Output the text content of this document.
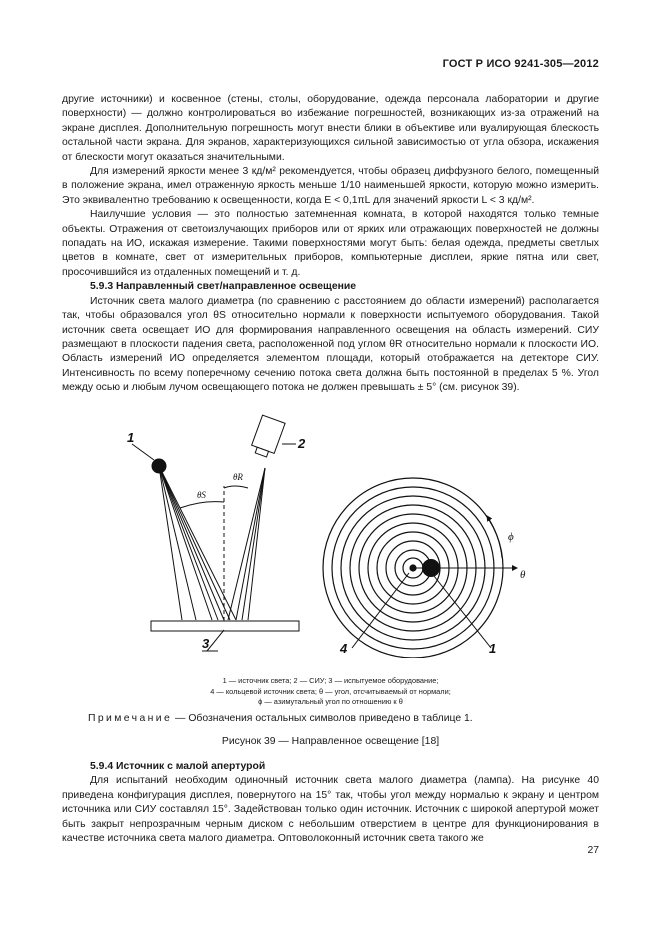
ГОСТ Р ИСО 9241-305—2012

другие источники) и косвенное (стены, столы, оборудование, одежда персонала лаборатории и другие поверхности) — должно контролироваться во избежание погрешностей, возникающих из-за отражений на экране дисплея. Дополнительную погрешность могут внести блики в объективе или вуалирующая блескость остальной части экрана. Для экранов, характеризующихся сильной зависимостью от угла обзора, искажения от блескости могут оказаться значительными.

Для измерений яркости менее 3 кд/м² рекомендуется, чтобы образец диффузного белого, помещенный в положение экрана, имел отраженную яркость меньше 1/10 наименьшей яркости, которую можно измерить. Это эквивалентно требованию к освещенности, когда E < 0,1πL для значений яркости L < 3 кд/м².

Наилучшие условия — это полностью затемненная комната, в которой находятся только темные объекты. Отражения от светоизлучающих приборов или от ярких или отражающих поверхностей не должны попадать на ИО, искажая измерение. Такими поверхностями могут быть: белая одежда, предметы светлых цветов в комнате, свет от измерительных приборов, компьютерные дисплеи, яркие пятна или свет, просочившийся из отдаленных помещений и т. д.

5.9.3 Направленный свет/направленное освещение

Источник света малого диаметра (по сравнению с расстоянием до области измерений) располагается так, чтобы образовался угол θS относительно нормали к поверхности испытуемого оборудования. Такой источник света освещает ИО для формирования направленного освещения на область измерений. СИУ размещают в плоскости падения света, расположенной под углом θR относительно нормали к плоскости ИО. Область измерений ИО определяется элементом площади, который отображается на детекторе СИУ. Интенсивность по всему поперечному сечению потока света должна быть постоянной в пределах 5 %. Угол между осью и любым лучом освещающего потока не должен превышать ± 5° (см. рисунок 39).

1	2
3
θR
θS
4	1
ϕ
θ
1 — источник света; 2 — СИУ; 3 — испытуемое оборудование;
4 — кольцевой источник света; θ — угол, отсчитываемый от нормали;
ϕ — азимутальный угол по отношению к θ
Примечание — Обозначения остальных символов приведено в таблице 1.
Рисунок 39 — Направленное освещение [18]

5.9.4 Источник с малой апертурой

Для испытаний необходим одиночный источник света малого диаметра (лампа). На рисунке 40 приведена конфигурация дисплея, повернутого на 15° так, чтобы угол между нормалью к экрану и центром источника или СИУ составлял 15°. Задействован только один источник. Источник с широкой апертурой может быть закрыт непрозрачным черным диском с небольшим отверстием в центре для функционирования в качестве источника света малого диаметра. Оптоволоконный источник света такого же

27
